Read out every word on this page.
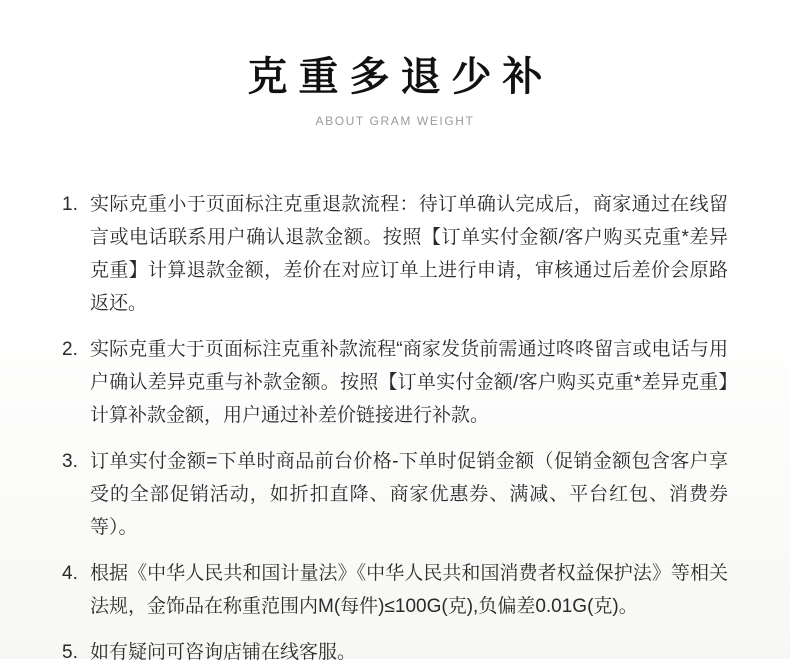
克重多退少补
ABOUT GRAM WEIGHT
1. 实际克重小于页面标注克重退款流程：待订单确认完成后，商家通过在线留言或电话联系用户确认退款金额。按照【订单实付金额/客户购买克重*差异克重】计算退款金额，差价在对应订单上进行申请，审核通过后差价会原路返还。
2. 实际克重大于页面标注克重补款流程“商家发货前需通过咚咚留言或电话与用户确认差异克重与补款金额。按照【订单实付金额/客户购买克重*差异克重】计算补款金额，用户通过补差价链接进行补款。
3. 订单实付金额=下单时商品前台价格-下单时促销金额（促销金额包含客户享受的全部促销活动，如折扣直降、商家优惠券、满减、平台红包、消费券等）。
4. 根据《中华人民共和国计量法》《中华人民共和国消费者权益保护法》等相关法规，金饰品在称重范围内M(每件)≤100G(克),负偏差0.01G(克)。
5. 如有疑问可咨询店铺在线客服。
